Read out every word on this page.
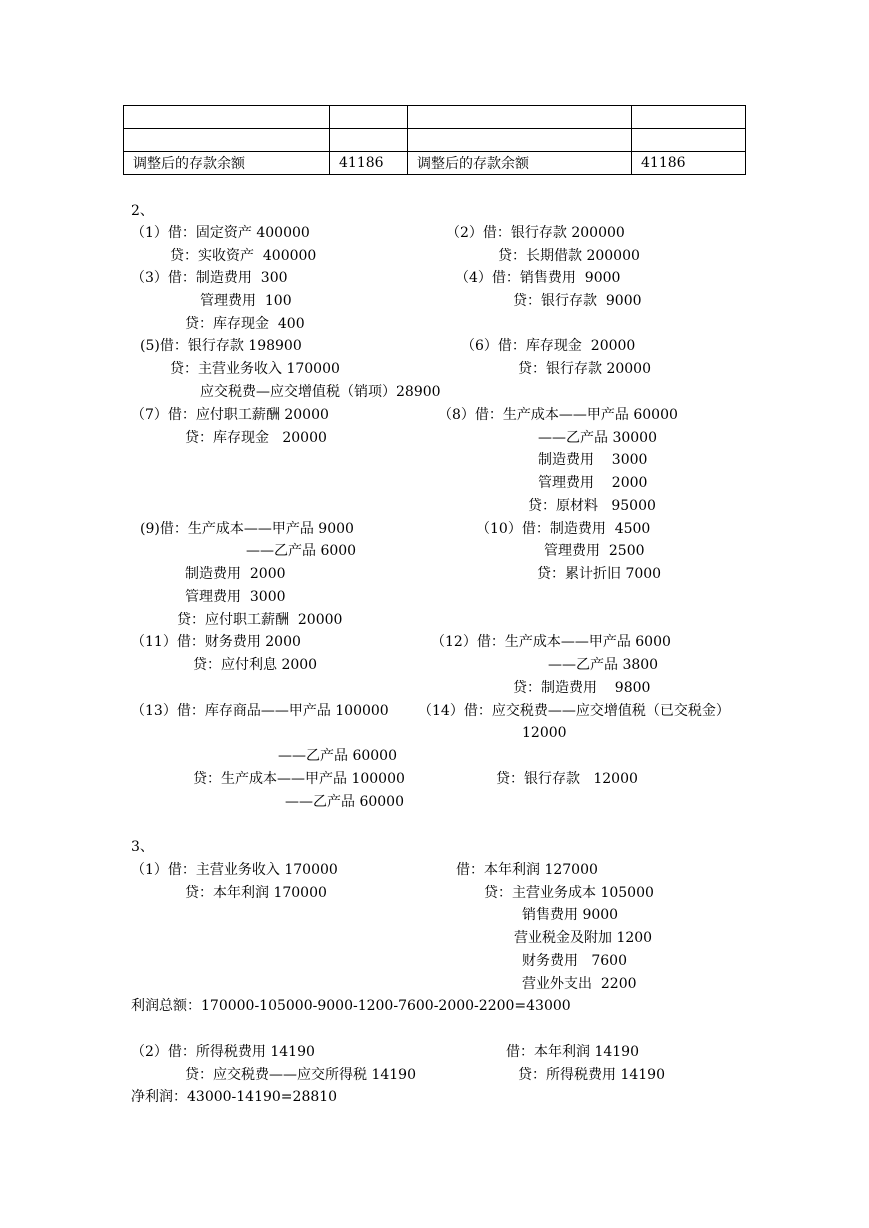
调整后的存款余额	41186	调整后的存款余额	41186
2、
（1）借：固定资产 400000	（2）借：银行存款 200000
贷：实收资产  400000	贷：长期借款 200000
（3）借：制造费用  300	（4）借：销售费用  9000
管理费用  100	贷：银行存款  9000
贷：库存现金  400
(5)借：银行存款 198900	（6）借：库存现金  20000
贷：主营业务收入 170000	贷：银行存款 20000
应交税费—应交增值税（销项）28900
（7）借：应付职工薪酬 20000	（8）借：生产成本——甲产品 60000
贷：库存现金   20000	——乙产品 30000
制造费用    3000
管理费用    2000
贷：原材料   95000
(9)借：生产成本——甲产品 9000	（10）借：制造费用  4500
——乙产品 6000	管理费用  2500
制造费用  2000	贷：累计折旧 7000
管理费用  3000
贷：应付职工薪酬  20000
（11）借：财务费用 2000	（12）借：生产成本——甲产品 6000
贷：应付利息 2000	——乙产品 3800
贷：制造费用    9800
（13）借：库存商品——甲产品 100000 （14）借：应交税费——应交增值税（已交税金）
12000
——乙产品 60000
贷：生产成本——甲产品 100000	贷：银行存款   12000
——乙产品 60000
3、
（1）借：主营业务收入 170000	借：本年利润 127000
贷：本年利润 170000	贷：主营业务成本 105000
销售费用 9000
营业税金及附加 1200
财务费用   7600
营业外支出  2200
利润总额：170000-105000-9000-1200-7600-2000-2200=43000
（2）借：所得税费用 14190	借：本年利润 14190
贷：应交税费——应交所得税 14190	贷：所得税费用 14190
净利润：43000-14190=28810
